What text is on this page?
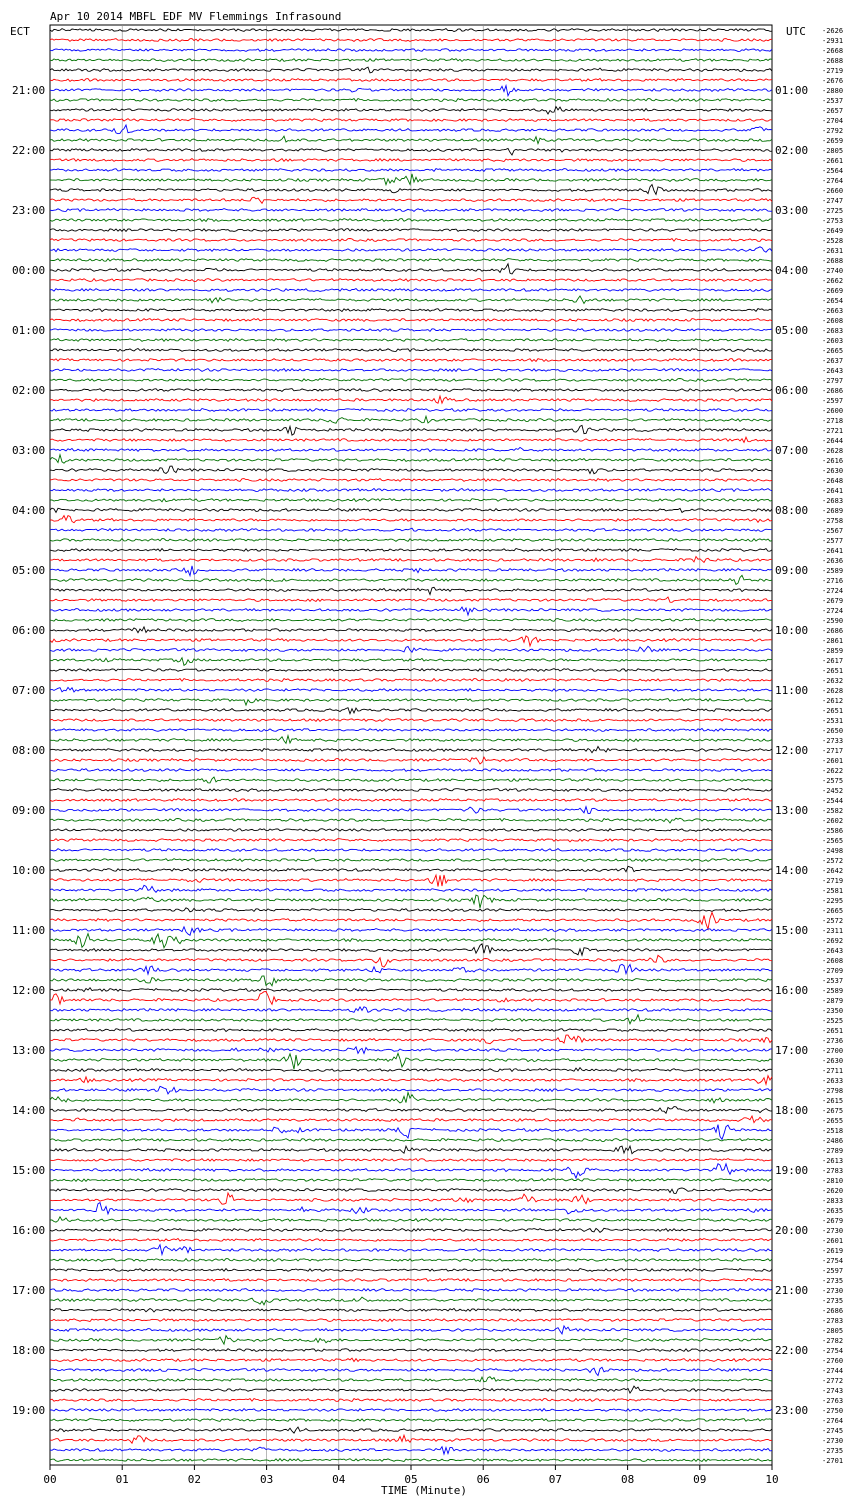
Apr 10 2014 MBFL EDF MV Flemmings Infrasound
ECT	UTC
21:00
22:00
23:00
00:00
01:00
02:00
03:00
04:00
05:00
06:00
07:00
08:00
09:00
10:00
11:00
12:00
13:00
14:00
15:00
16:00
17:00
18:00
19:00
01:00
02:00
03:00
04:00
05:00
06:00
07:00
08:00
09:00
10:00
11:00
12:00
13:00
14:00
15:00
16:00
17:00
18:00
19:00
20:00
21:00
22:00
23:00
-2626
-2931
-2668
-2688
-2719
-2676
-2880
-2537
-2657
-2704
-2792
-2659
-2805
-2661
-2564
-2764
-2660
-2747
-2725
-2753
-2649
-2528
-2631
-2688
-2740
-2662
-2669
-2654
-2663
-2608
-2683
-2603
-2665
-2637
-2643
-2797
-2686
-2597
-2600
-2718
-2721
-2644
-2628
-2616
-2630
-2648
-2641
-2683
-2689
-2758
-2567
-2577
-2641
-2636
-2589
-2716
-2724
-2679
-2724
-2590
-2686
-2861
-2859
-2617
-2651
-2632
-2628
-2612
-2651
-2531
-2650
-2733
-2717
-2601
-2622
-2575
-2452
-2544
-2582
-2602
-2586
-2565
-2498
-2572
-2642
-2719
-2581
-2295
-2665
-2572
-2311
-2692
-2643
-2608
-2709
-2537
-2589
-2879
-2350
-2525
-2651
-2736
-2700
-2630
-2711
-2633
-2798
-2615
-2675
-2655
-2518
-2486
-2789
-2613
-2783
-2810
-2620
-2833
-2635
-2679
-2730
-2601
-2619
-2754
-2597
-2735
-2730
-2735
-2686
-2783
-2805
-2782
-2754
-2760
-2744
-2772
-2743
-2763
-2750
-2764
-2745
-2730
-2735
-2701
00	01	02	03	04	05	06	07	08	09	10
TIME (Minute)
